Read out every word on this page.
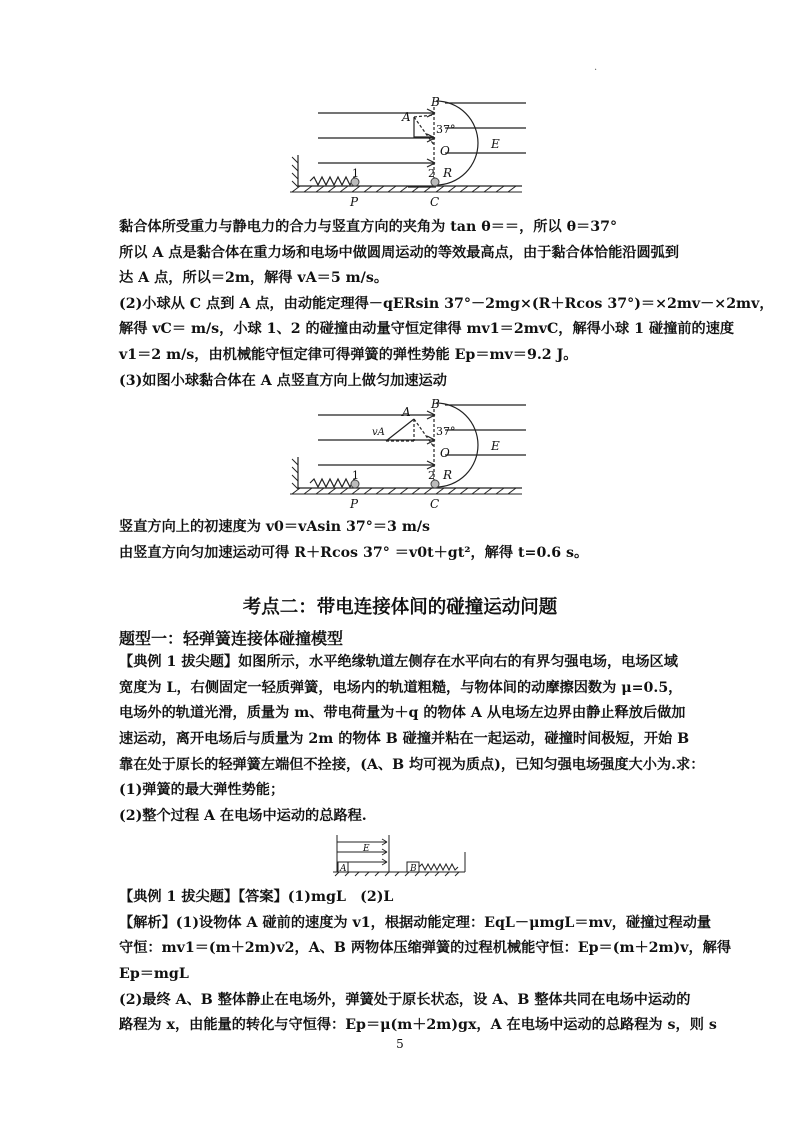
.
B
A
O	E
R
P	C
1	2
37°
黏合体所受重力与静电力的合力与竖直方向的夹角为 tan θ＝＝，所以 θ＝37°
所以 A 点是黏合体在重力场和电场中做圆周运动的等效最高点，由于黏合体恰能沿圆弧到
达 A 点，所以＝2m，解得 vA＝5 m/s。
(2)小球从 C 点到 A 点，由动能定理得－qERsin 37°－2mg×(R＋Rcos 37°)＝×2mv－×2mv，
解得 vC＝ m/s，小球 1、2 的碰撞由动量守恒定律得 mv1＝2mvC，解得小球 1 碰撞前的速度
v1＝2 m/s，由机械能守恒定律可得弹簧的弹性势能 Ep＝mv＝9.2 J。
(3)如图小球黏合体在 A 点竖直方向上做匀加速运动
B
A
O	E
R
P	C
vA
1	2
37°
竖直方向上的初速度为 v0＝vAsin 37°＝3 m/s
由竖直方向匀加速运动可得 R＋Rcos 37° ＝v0t＋gt²，解得 t=0.6 s。
考点二：带电连接体间的碰撞运动问题
题型一：轻弹簧连接体碰撞模型
【典例 1 拔尖题】如图所示，水平绝缘轨道左侧存在水平向右的有界匀强电场，电场区域
宽度为 L，右侧固定一轻质弹簧，电场内的轨道粗糙，与物体间的动摩擦因数为 μ=0.5，
电场外的轨道光滑，质量为 m、带电荷量为＋q 的物体 A 从电场左边界由静止释放后做加
速运动，离开电场后与质量为 2m 的物体 B 碰撞并粘在一起运动，碰撞时间极短，开始 B
靠在处于原长的轻弹簧左端但不拴接，(A、B 均可视为质点)，已知匀强电场强度大小为.求：
(1)弹簧的最大弹性势能；
(2)整个过程 A 在电场中运动的总路程.
E
A	B
【典例 1 拔尖题】【答案】(1)mgL　(2)L
【解析】(1)设物体 A 碰前的速度为 v1，根据动能定理：EqL－μmgL＝mv，碰撞过程动量
守恒：mv1＝(m＋2m)v2，A、B 两物体压缩弹簧的过程机械能守恒：Ep＝(m＋2m)v，解得
Ep＝mgL
(2)最终 A、B 整体静止在电场外，弹簧处于原长状态，设 A、B 整体共同在电场中运动的
路程为 x，由能量的转化与守恒得：Ep＝μ(m＋2m)gx，A 在电场中运动的总路程为 s，则 s
5
